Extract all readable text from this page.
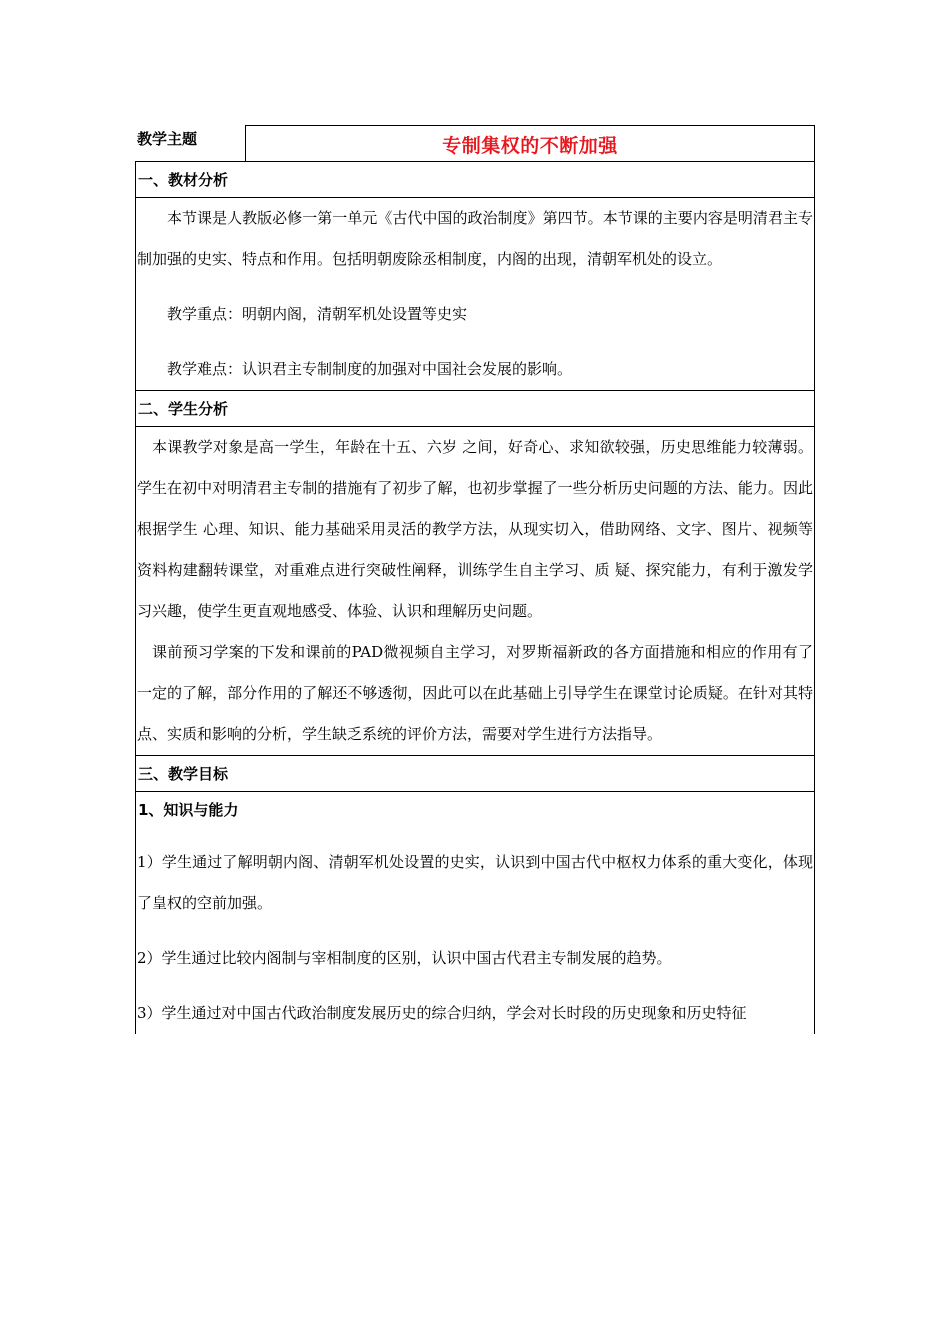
教学主题	专制集权的不断加强
一、教材分析

本节课是人教版必修一第一单元《古代中国的政治制度》第四节。本节课的主要内容是明清君主专制加强的史实、特点和作用。包括明朝废除丞相制度，内阁的出现，清朝军机处的设立。

教学重点：明朝内阁，清朝军机处设置等史实

教学难点：认识君主专制制度的加强对中国社会发展的影响。

二、学生分析

本课教学对象是高一学生，年龄在十五、六岁 之间，好奇心、求知欲较强，历史思维能力较薄弱。学生在初中对明清君主专制的措施有了初步了解，也初步掌握了一些分析历史问题的方法、能力。因此根据学生 心理、知识、能力基础采用灵活的教学方法，从现实切入，借助网络、文字、图片、视频等资料构建翻转课堂，对重难点进行突破性阐释，训练学生自主学习、质 疑、探究能力，有利于激发学习兴趣，使学生更直观地感受、体验、认识和理解历史问题。

课前预习学案的下发和课前的PAD微视频自主学习，对罗斯福新政的各方面措施和相应的作用有了一定的了解，部分作用的了解还不够透彻，因此可以在此基础上引导学生在课堂讨论质疑。在针对其特点、实质和影响的分析，学生缺乏系统的评价方法，需要对学生进行方法指导。

三、教学目标
1、知识与能力

1）学生通过了解明朝内阁、清朝军机处设置的史实，认识到中国古代中枢权力体系的重大变化，体现了皇权的空前加强。

2）学生通过比较内阁制与宰相制度的区别，认识中国古代君主专制发展的趋势。

3）学生通过对中国古代政治制度发展历史的综合归纳，学会对长时段的历史现象和历史特征
